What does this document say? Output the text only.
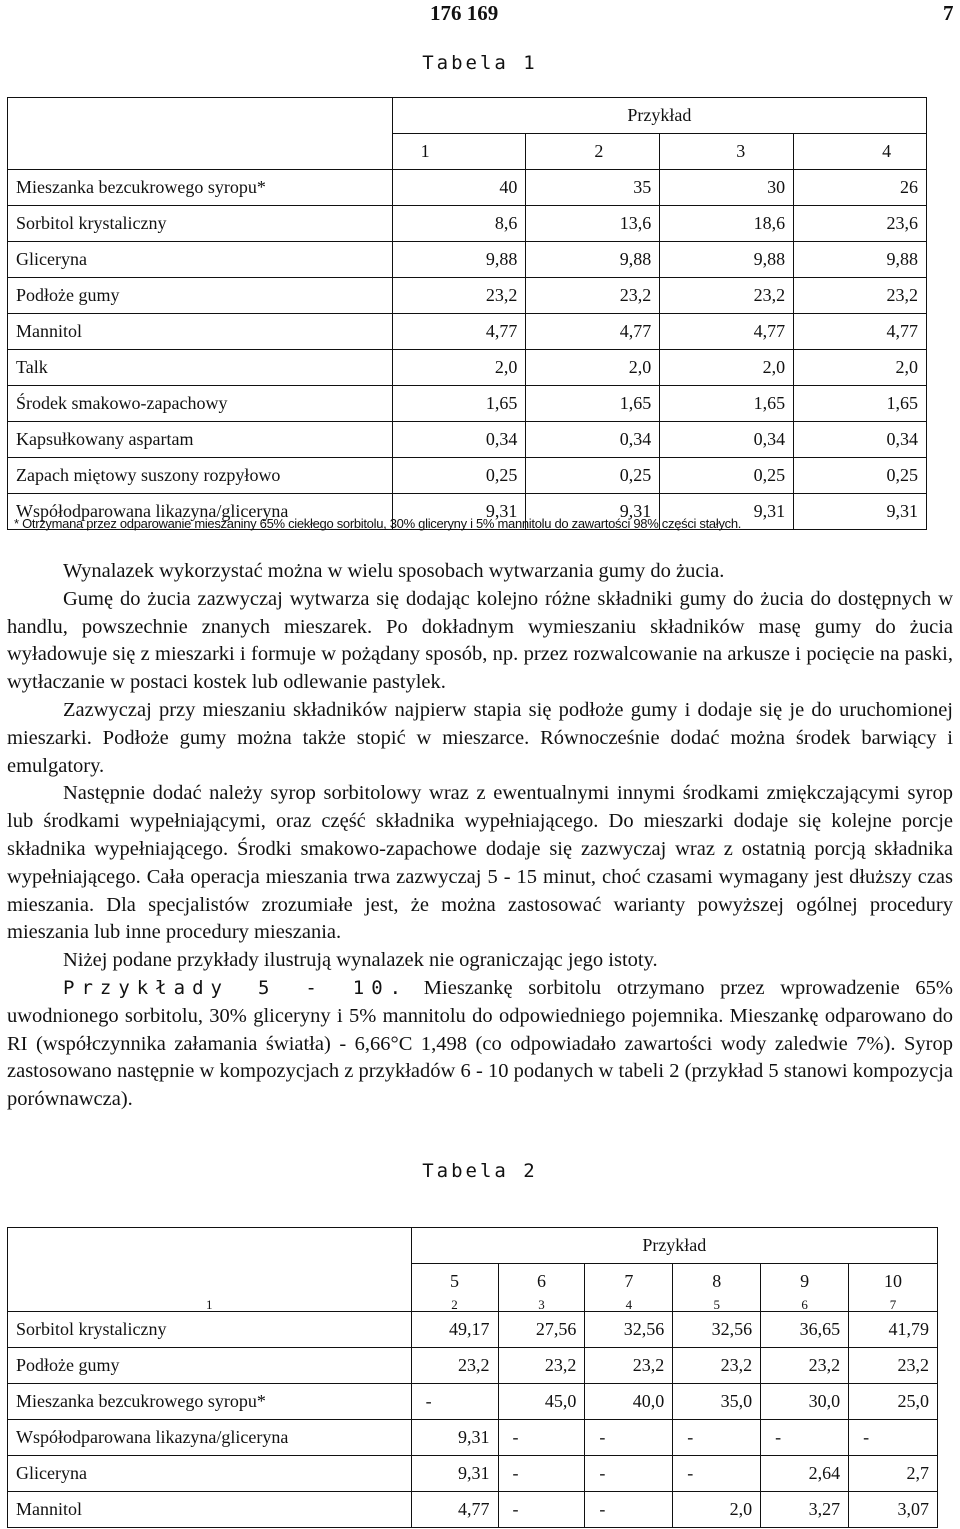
176 169	7
Tabela 1
	Przykład			
	1	2	3	4

Mieszanka bezcukrowego syropu*	40	35	30	26
Sorbitol krystaliczny	8,6	13,6	18,6	23,6
Gliceryna	9,88	9,88	9,88	9,88
Podłoże gumy	23,2	23,2	23,2	23,2
Mannitol	4,77	4,77	4,77	4,77
Talk	2,0	2,0	2,0	2,0
Środek smakowo-zapachowy	1,65	1,65	1,65	1,65
Kapsułkowany aspartam	0,34	0,34	0,34	0,34
Zapach miętowy suszony rozpyłowo	0,25	0,25	0,25	0,25
Współodparowana likazyna/gliceryna	9,31	9,31	9,31	9,31
* Otrzymana przez odparowanie mieszaniny 65% ciekłego sorbitolu, 30% gliceryny i 5% mannitolu do zawartości 98% części stałych.

Wynalazek wykorzystać można w wielu sposobach wytwarzania gumy do żucia.

Gumę do żucia zazwyczaj wytwarza się dodając kolejno różne składniki gumy do żucia do dostępnych w handlu, powszechnie znanych mieszarek. Po dokładnym wymieszaniu składników masę gumy do żucia wyładowuje się z mieszarki i formuje w pożądany sposób, np. przez rozwalcowanie na arkusze i pocięcie na paski, wytłaczanie w postaci kostek lub odlewanie pastylek.

Zazwyczaj przy mieszaniu składników najpierw stapia się podłoże gumy i dodaje się je do uruchomionej mieszarki. Podłoże gumy można także stopić w mieszarce. Równocześnie dodać można środek barwiący i emulgatory.

Następnie dodać należy syrop sorbitolowy wraz z ewentualnymi innymi środkami zmiękczającymi syrop lub środkami wypełniającymi, oraz część składnika wypełniającego. Do mieszarki dodaje się kolejne porcje składnika wypełniającego. Środki smakowo-zapachowe dodaje się zazwyczaj wraz z ostatnią porcją składnika wypełniającego. Cała operacja mieszania trwa zazwyczaj 5 - 15 minut, choć czasami wymagany jest dłuższy czas mieszania. Dla specjalistów zrozumiałe jest, że można zastosować warianty powyższej ogólnej procedury mieszania lub inne procedury mieszania.

Niżej podane przykłady ilustrują wynalazek nie ograniczając jego istoty.

Przykłady 5 - 10. Mieszankę sorbitolu otrzymano przez wprowadzenie 65% uwodnionego sorbitolu, 30% gliceryny i 5% mannitolu do odpowiedniego pojemnika. Mieszankę odparowano do RI (współczynnika załamania światła) - 6,66°C 1,498 (co odpowiadało zawartości wody zaledwie 7%). Syrop zastosowano następnie w kompozycjach z przykładów 6 - 10 podanych w tabeli 2 (przykład 5 stanowi kompozycja porównawcza).

Tabela 2
	Przykład					
	5	6	7	8	9	10
1	2	3	4	5	6	7
Sorbitol krystaliczny	49,17	27,56	32,56	32,56	36,65	41,79
Podłoże gumy	23,2	23,2	23,2	23,2	23,2	23,2
Mieszanka bezcukrowego syropu*	-	45,0	40,0	35,0	30,0	25,0
Współodparowana likazyna/gliceryna	9,31	-	-	-	-	-
Gliceryna	9,31	-	-	-	2,64	2,7
Mannitol	4,77	-	-	2,0	3,27	3,07
